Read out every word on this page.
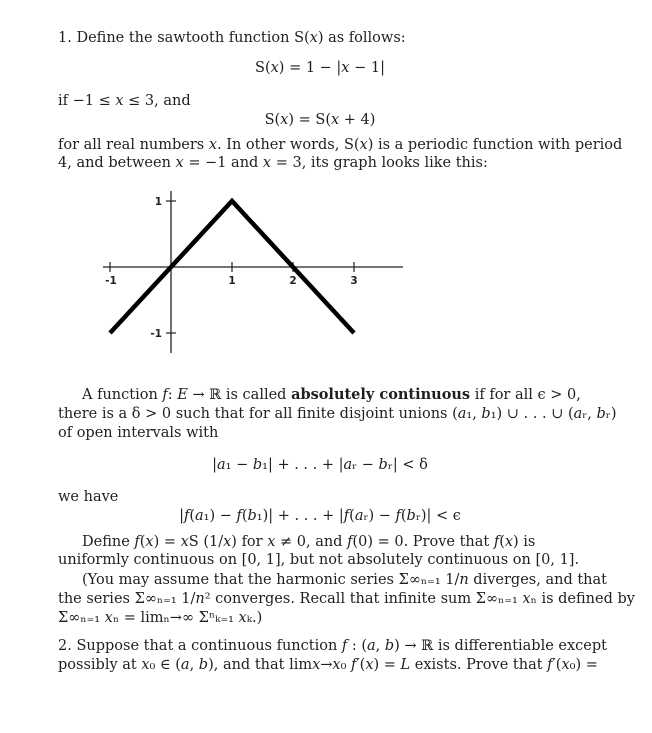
1. Define the sawtooth function S(𝑥) as follows:
S(𝑥) = 1 − |𝑥 − 1|
if −1 ≤ 𝑥 ≤ 3, and
S(𝑥) = S(𝑥 + 4)
for all real numbers 𝑥. In other words, S(𝑥) is a periodic function with period
4, and between 𝑥 = −1 and 𝑥 = 3, its graph looks like this:
-1	1	2	3
1
-1
A function 𝑓: 𝐸 → ℝ is called absolutely continuous if for all ϵ > 0,
there is a δ > 0 such that for all finite disjoint unions (𝑎₁, 𝑏₁) ∪ . . . ∪ (𝑎ᵣ, 𝑏ᵣ)
of open intervals with
|𝑎₁ − 𝑏₁| + . . . + |𝑎ᵣ − 𝑏ᵣ| < δ
we have
|𝑓(𝑎₁) − 𝑓(𝑏₁)| + . . . + |𝑓(𝑎ᵣ) − 𝑓(𝑏ᵣ)| < ϵ
Define 𝑓(𝑥) = 𝑥S (1/𝑥) for 𝑥 ≠ 0, and 𝑓(0) = 0. Prove that 𝑓(𝑥) is
uniformly continuous on [0, 1], but not absolutely continuous on [0, 1].
(You may assume that the harmonic series Σ∞ₙ₌₁ 1/𝑛 diverges, and that
the series Σ∞ₙ₌₁ 1/𝑛² converges. Recall that infinite sum Σ∞ₙ₌₁ 𝑥ₙ is defined by
Σ∞ₙ₌₁ 𝑥ₙ = limₙ→∞ Σⁿₖ₌₁ 𝑥ₖ.)
2. Suppose that a continuous function 𝑓 : (𝑎, 𝑏) → ℝ is differentiable except
possibly at 𝑥₀ ∈ (𝑎, 𝑏), and that lim𝑥→𝑥₀ 𝑓′(𝑥) = 𝐿 exists. Prove that 𝑓′(𝑥₀) =
